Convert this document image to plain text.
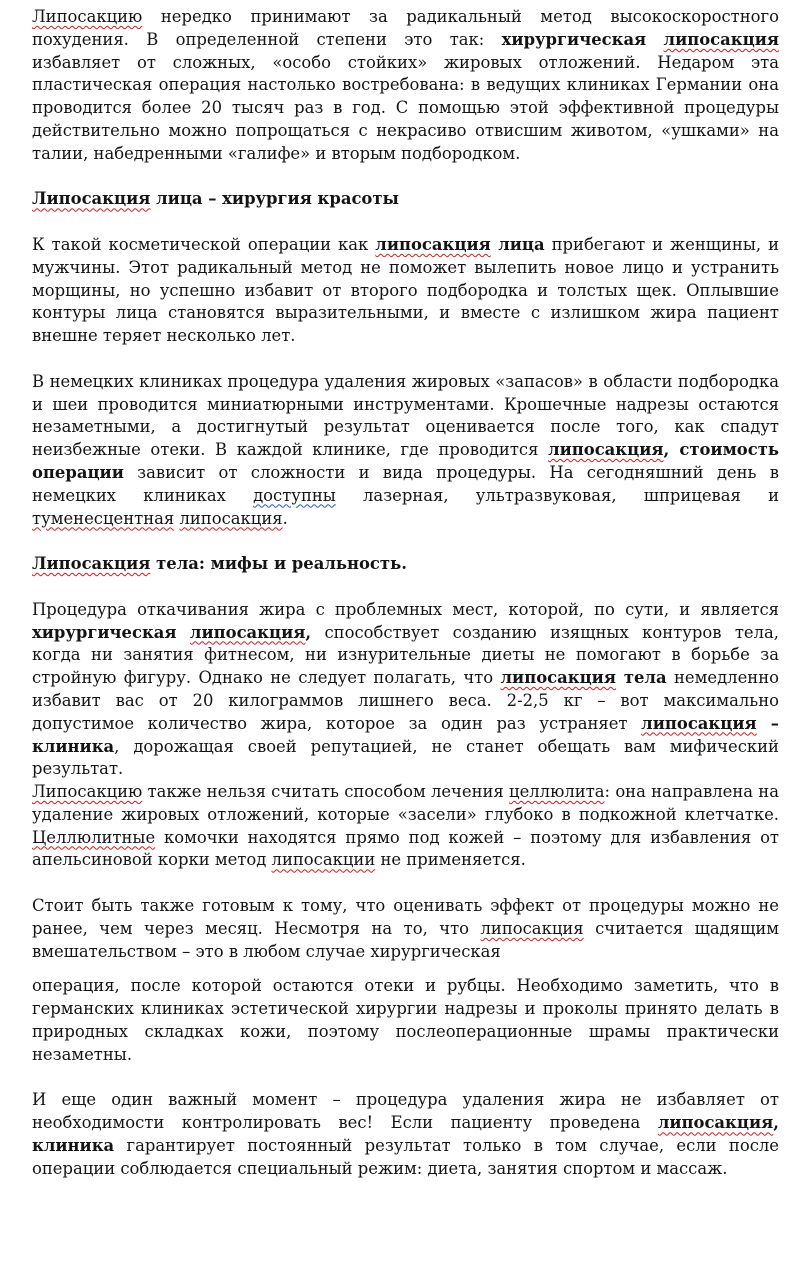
Липосакцию нередко принимают за радикальный метод высокоскоростного похудения. В определенной степени это так: хирургическая липосакция избавляет от сложных, «особо стойких» жировых отложений. Недаром эта пластическая операция настолько востребована: в ведущих клиниках Германии она проводится более 20 тысяч раз в год. С помощью этой эффективной процедуры действительно можно попрощаться с некрасиво отвисшим животом, «ушками» на талии, набедренными «галифе» и вторым подбородком.

Липосакция лица – хирургия красоты

К такой косметической операции как липосакция лица прибегают и женщины, и мужчины. Этот радикальный метод не поможет вылепить новое лицо и устранить морщины, но успешно избавит от второго подбородка и толстых щек. Оплывшие контуры лица становятся выразительными, и вместе с излишком жира пациент внешне теряет несколько лет.

В немецких клиниках процедура удаления жировых «запасов» в области подбородка и шеи проводится миниатюрными инструментами. Крошечные надрезы остаются незаметными, а достигнутый результат оценивается после того, как спадут неизбежные отеки. В каждой клинике, где проводится липосакция, стоимость операции зависит от сложности и вида процедуры. На сегодняшний день в немецких клиниках доступны лазерная, ультразвуковая, шприцевая и туменесцентная липосакция.

Липосакция тела: мифы и реальность.

Процедура откачивания жира с проблемных мест, которой, по сути, и является хирургическая липосакция, способствует созданию изящных контуров тела, когда ни занятия фитнесом, ни изнурительные диеты не помогают в борьбе за стройную фигуру. Однако не следует полагать, что липосакция тела немедленно избавит вас от 20 килограммов лишнего веса. 2-2,5 кг – вот максимально допустимое количество жира, которое за один раз устраняет липосакция – клиника, дорожащая своей репутацией, не станет обещать вам мифический результат.

Липосакцию также нельзя считать способом лечения целлюлита: она направлена на удаление жировых отложений, которые «засели» глубоко в подкожной клетчатке. Целлюлитные комочки находятся прямо под кожей – поэтому для избавления от апельсиновой корки метод липосакции не применяется.

Стоит быть также готовым к тому, что оценивать эффект от процедуры можно не ранее, чем через месяц. Несмотря на то, что липосакция считается щадящим вмешательством – это в любом случае хирургическая

операция, после которой остаются отеки и рубцы. Необходимо заметить, что в германских клиниках эстетической хирургии надрезы и проколы принято делать в природных складках кожи, поэтому послеоперационные шрамы практически незаметны.

И еще один важный момент – процедура удаления жира не избавляет от необходимости контролировать вес! Если пациенту проведена липосакция, клиника гарантирует постоянный результат только в том случае, если после операции соблюдается специальный режим: диета, занятия спортом и массаж.
